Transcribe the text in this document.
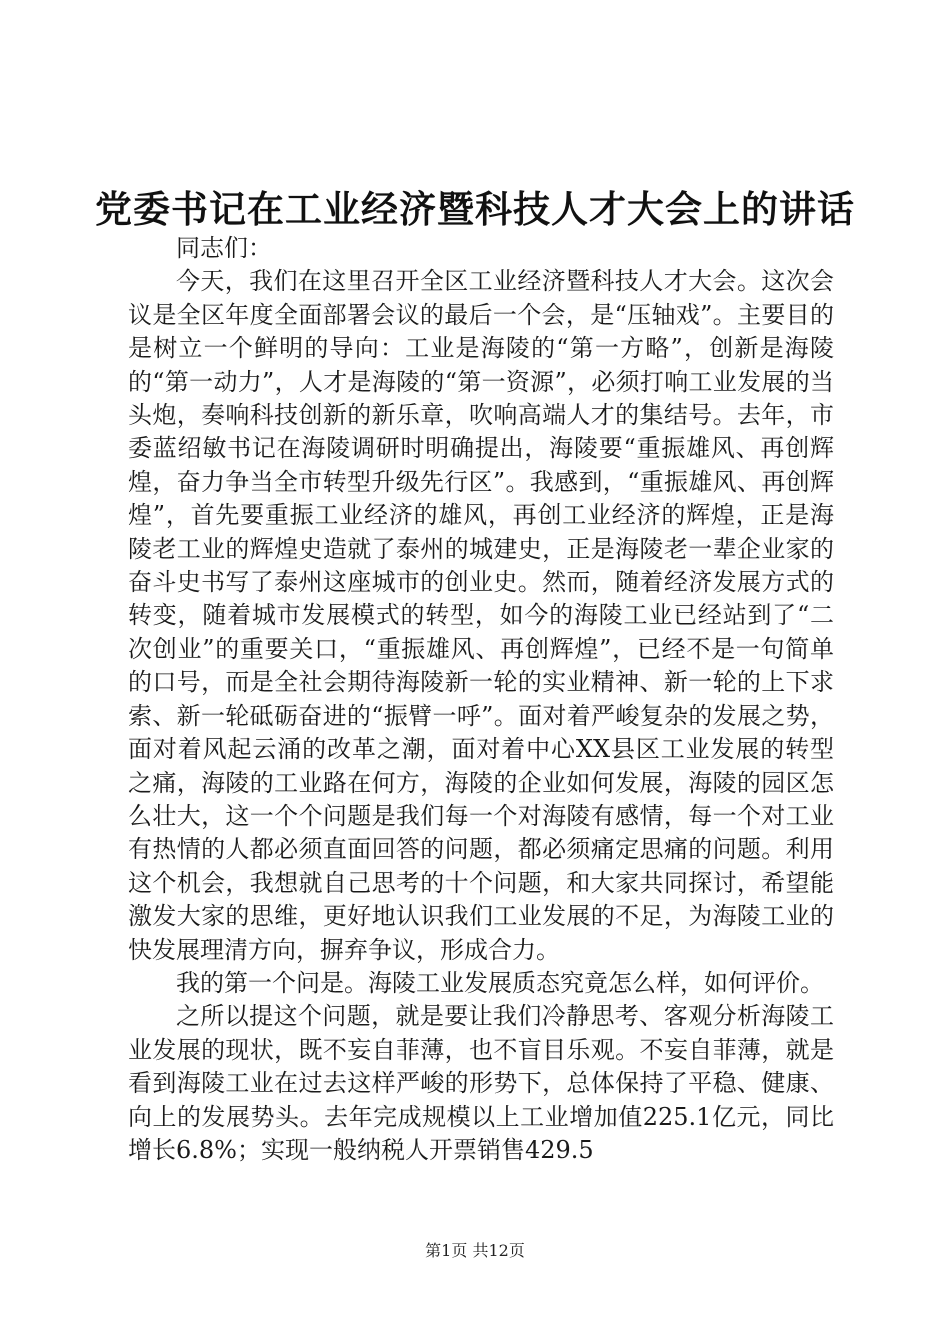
党委书记在工业经济暨科技人才大会上的讲话

同志们：

今天，我们在这里召开全区工业经济暨科技人才大会。这次会议是全区年度全面部署会议的最后一个会，是“压轴戏”。主要目的是树立一个鲜明的导向：工业是海陵的“第一方略”，创新是海陵的“第一动力”，人才是海陵的“第一资源”，必须打响工业发展的当头炮，奏响科技创新的新乐章，吹响高端人才的集结号。去年，市委蓝绍敏书记在海陵调研时明确提出，海陵要“重振雄风、再创辉煌，奋力争当全市转型升级先行区”。我感到，“重振雄风、再创辉煌”，首先要重振工业经济的雄风，再创工业经济的辉煌，正是海陵老工业的辉煌史造就了泰州的城建史，正是海陵老一辈企业家的奋斗史书写了泰州这座城市的创业史。然而，随着经济发展方式的转变，随着城市发展模式的转型，如今的海陵工业已经站到了“二次创业”的重要关口，“重振雄风、再创辉煌”，已经不是一句简单的口号，而是全社会期待海陵新一轮的实业精神、新一轮的上下求索、新一轮砥砺奋进的“振臂一呼”。面对着严峻复杂的发展之势，面对着风起云涌的改革之潮，面对着中心XX县区工业发展的转型之痛，海陵的工业路在何方，海陵的企业如何发展，海陵的园区怎么壮大，这一个个问题是我们每一个对海陵有感情，每一个对工业有热情的人都必须直面回答的问题，都必须痛定思痛的问题。利用这个机会，我想就自己思考的十个问题，和大家共同探讨，希望能激发大家的思维，更好地认识我们工业发展的不足，为海陵工业的快发展理清方向，摒弃争议，形成合力。

我的第一个问是。海陵工业发展质态究竟怎么样，如何评价。

之所以提这个问题，就是要让我们冷静思考、客观分析海陵工业发展的现状，既不妄自菲薄，也不盲目乐观。不妄自菲薄，就是看到海陵工业在过去这样严峻的形势下，总体保持了平稳、健康、向上的发展势头。去年完成规模以上工业增加值225.1亿元，同比增长6.8%；实现一般纳税人开票销售429.5

第1页 共12页
